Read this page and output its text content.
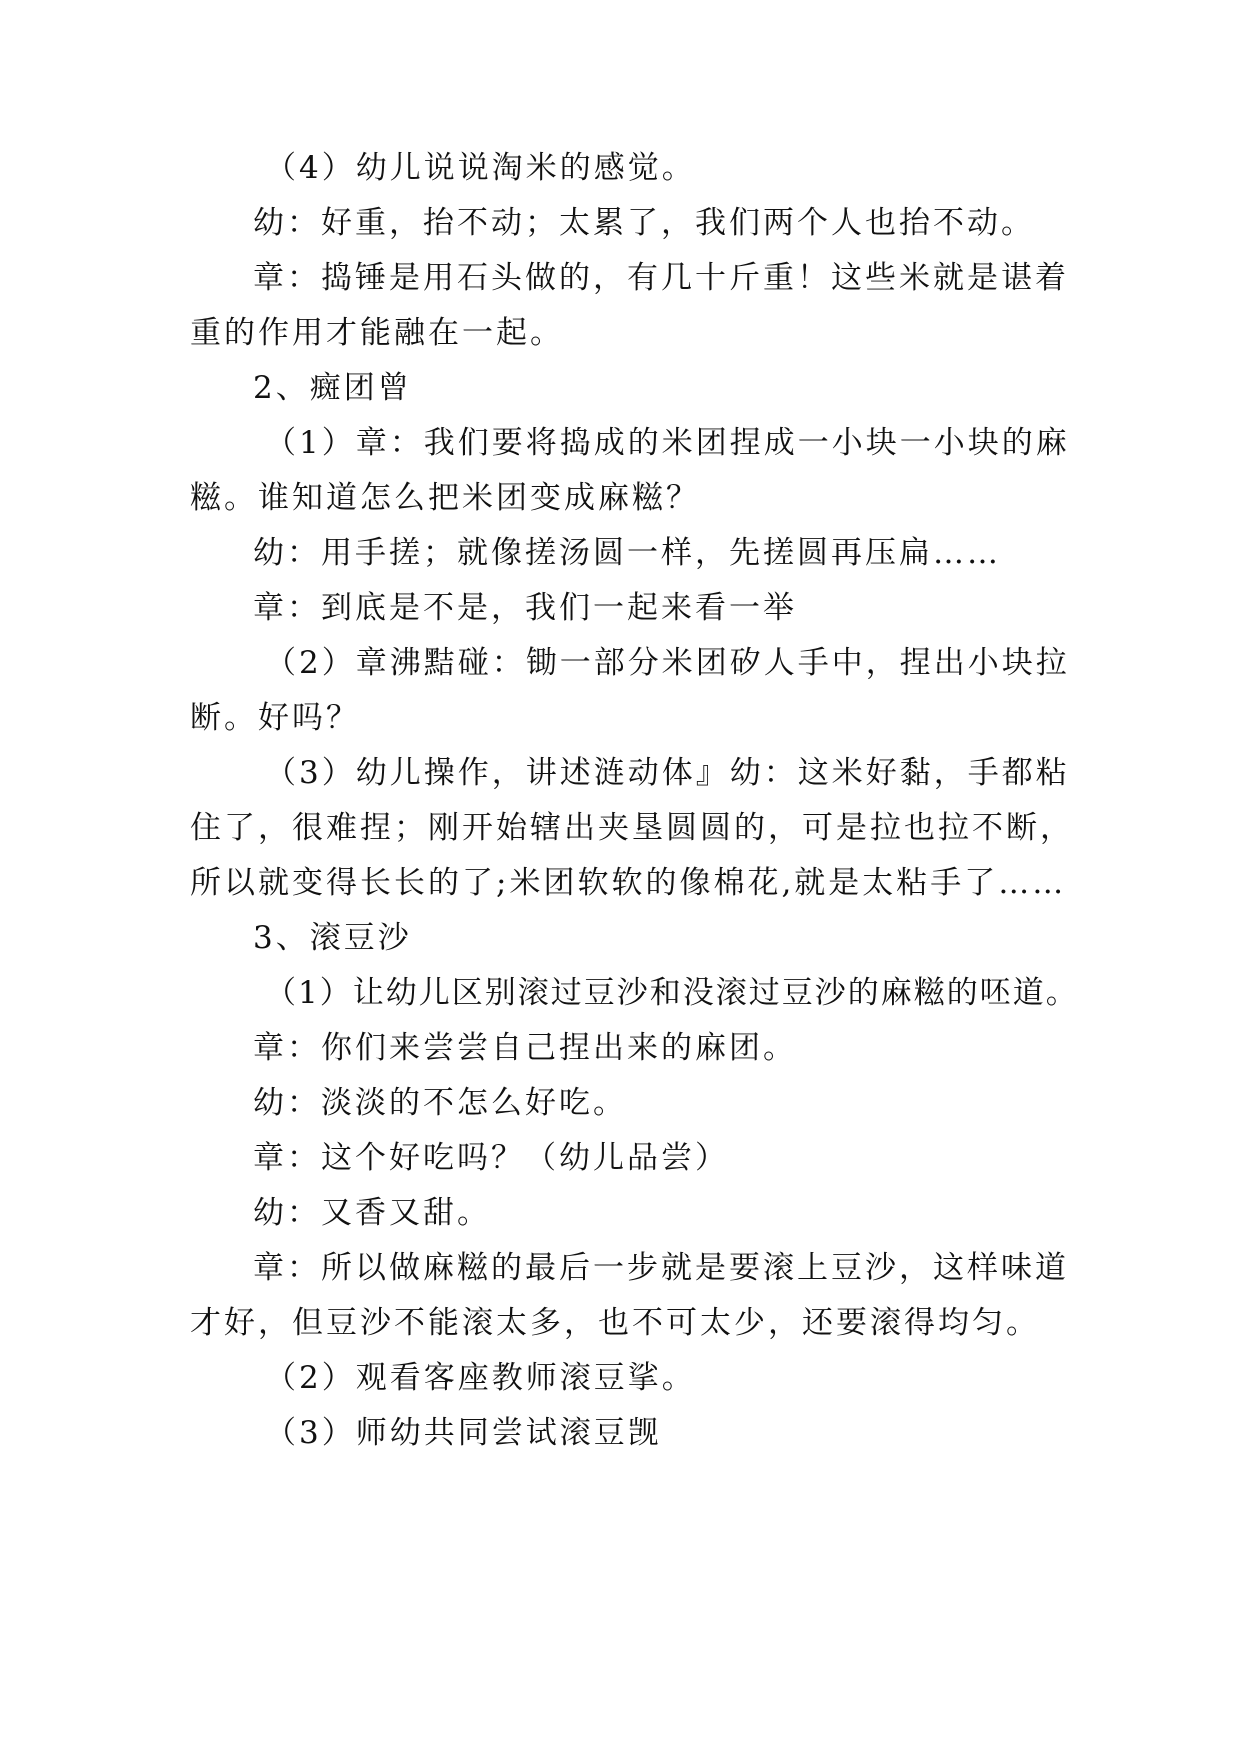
（4）幼儿说说淘米的感觉。
幼：好重，抬不动；太累了，我们两个人也抬不动。
章：捣锤是用石头做的，有几十斤重！这些米就是谌着
重的作用才能融在一起。
2、癍团曾
（1）章：我们要将捣成的米团捏成一小块一小块的麻
糍。谁知道怎么把米团变成麻糍？
幼：用手搓；就像搓汤圆一样，先搓圆再压扁……
章：到底是不是，我们一起来看一举
（2）章沸黠碰：锄一部分米团矽人手中，捏出小块拉
断。好吗？
（3）幼儿操作，讲述涟动体』幼：这米好黏，手都粘
住了，很难捏；刚开始辖出夹垦圆圆的，可是拉也拉不断，
所以就变得长长的了;米团软软的像棉花,就是太粘手了……
3、滚豆沙
（1）让幼儿区别滚过豆沙和没滚过豆沙的麻糍的呸道。
章：你们来尝尝自己捏出来的麻团。
幼：淡淡的不怎么好吃。
章：这个好吃吗？（幼儿品尝）
幼：又香又甜。
章：所以做麻糍的最后一步就是要滚上豆沙，这样味道
才好，但豆沙不能滚太多，也不可太少，还要滚得均匀。
（2）观看客座教师滚豆挲。
（3）师幼共同尝试滚豆觊
